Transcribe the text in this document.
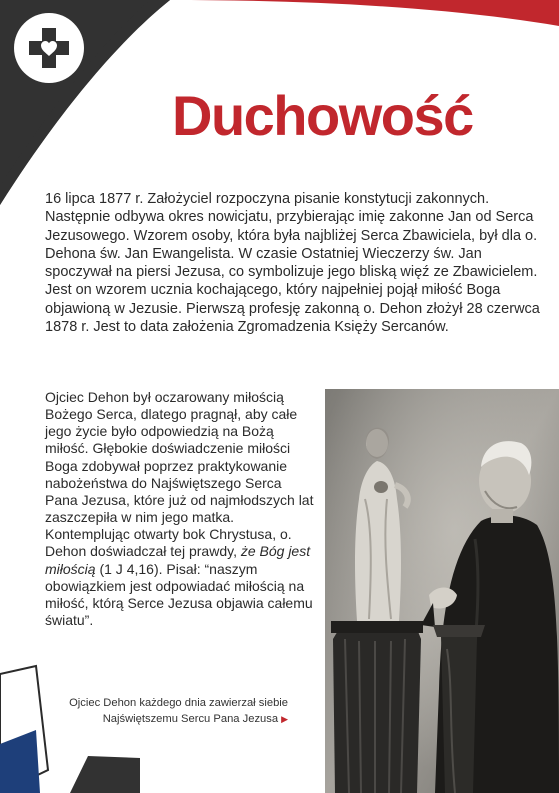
Duchowość

16 lipca 1877 r. Założyciel rozpoczyna pisanie konstytucji zakonnych. Następnie odbywa okres nowicjatu, przybierając imię zakonne Jan od Serca Jezusowego. Wzorem osoby, która była najbliżej Serca Zbawiciela, był dla o. Dehona św. Jan Ewangelista. W czasie Ostatniej Wieczerzy św. Jan spoczywał na piersi Jezusa, co symbolizuje jego bliską więź ze Zbawicielem. Jest on wzorem ucznia kochającego, który najpełniej pojął miłość Boga objawioną w Jezusie. Pierwszą profesję zakonną o. Dehon złożył 28 czerwca 1878 r. Jest to data założenia Zgromadzenia Księży Sercanów.

Ojciec Dehon był oczarowany miłością Bożego Serca, dlatego pragnął, aby całe jego życie było odpowiedzią na Bożą miłość. Głębokie doświadczenie miłości Boga zdobywał poprzez praktykowanie nabożeństwa do Najświętszego Serca Pana Jezusa, które już od najmłodszych lat zaszczepiła w nim jego matka. Kontemplując otwarty bok Chrystusa, o. Dehon doświadczał tej prawdy, że Bóg jest miłością (1 J 4,16). Pisał: “naszym obowiązkiem jest odpowiadać miłością na miłość, którą Serce Jezusa objawia całemu światu”.

Ojciec Dehon każdego dnia zawierzał siebie Najświętszemu Sercu Pana Jezusa ▶
